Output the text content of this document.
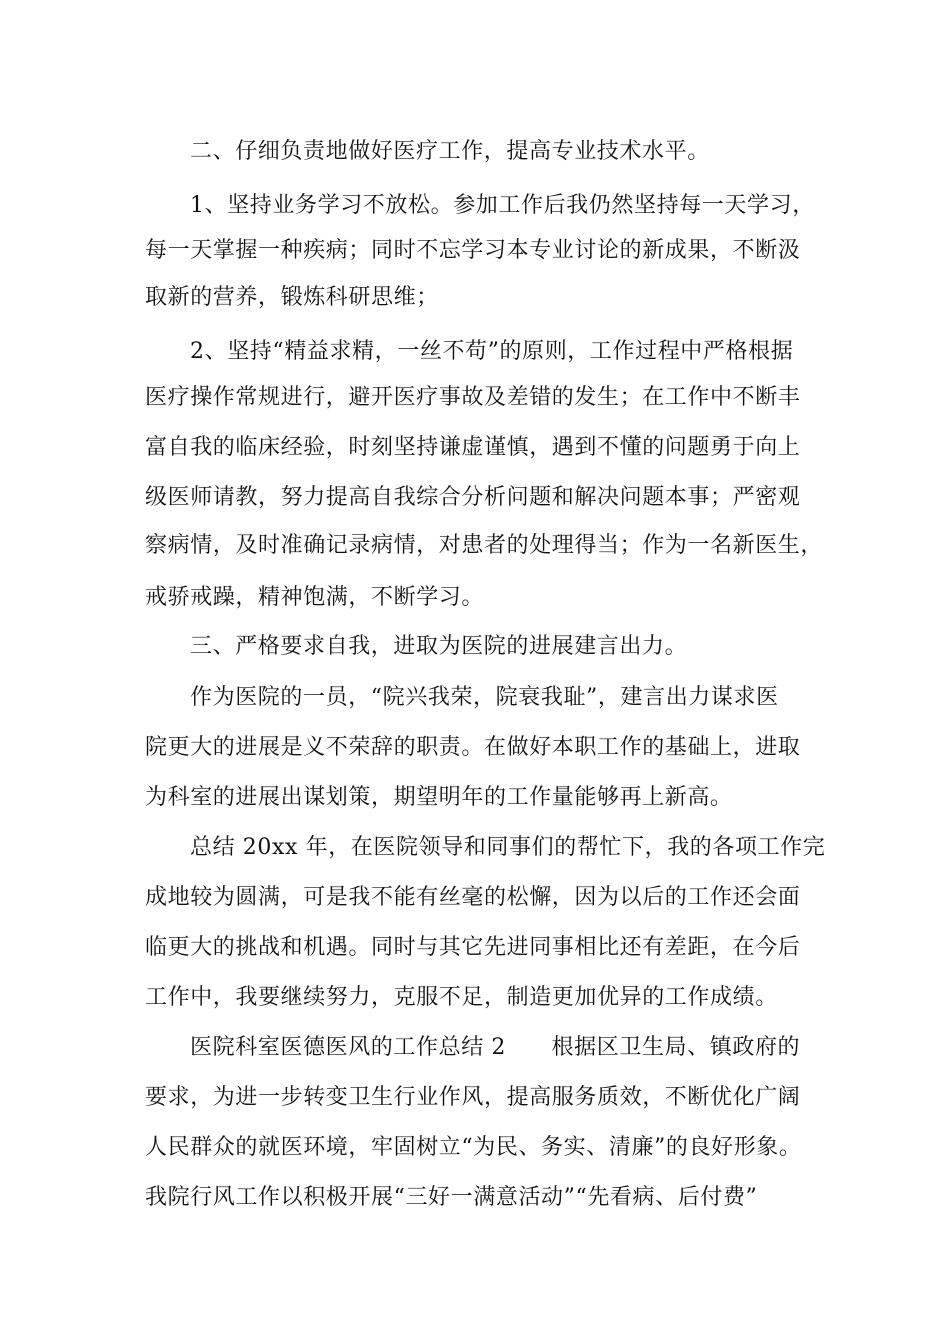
二、仔细负责地做好医疗工作，提高专业技术水平。
1、坚持业务学习不放松。参加工作后我仍然坚持每一天学习，
每一天掌握一种疾病；同时不忘学习本专业讨论的新成果，不断汲
取新的营养，锻炼科研思维；
2、坚持“精益求精，一丝不苟”的原则，工作过程中严格根据
医疗操作常规进行，避开医疗事故及差错的发生；在工作中不断丰
富自我的临床经验，时刻坚持谦虚谨慎，遇到不懂的问题勇于向上
级医师请教，努力提高自我综合分析问题和解决问题本事；严密观
察病情，及时准确记录病情，对患者的处理得当；作为一名新医生，
戒骄戒躁，精神饱满，不断学习。
三、严格要求自我，进取为医院的进展建言出力。
作为医院的一员，“院兴我荣，院衰我耻”，建言出力谋求医
院更大的进展是义不荣辞的职责。在做好本职工作的基础上，进取
为科室的进展出谋划策，期望明年的工作量能够再上新高。
总结 20xx 年，在医院领导和同事们的帮忙下，我的各项工作完
成地较为圆满，可是我不能有丝毫的松懈，因为以后的工作还会面
临更大的挑战和机遇。同时与其它先进同事相比还有差距，在今后
工作中，我要继续努力，克服不足，制造更加优异的工作成绩。
医院科室医德医风的工作总结 2      根据区卫生局、镇政府的
要求，为进一步转变卫生行业作风，提高服务质效，不断优化广阔
人民群众的就医环境，牢固树立“为民、务实、清廉”的良好形象。
我院行风工作以积极开展“三好一满意活动”“先看病、后付费”
